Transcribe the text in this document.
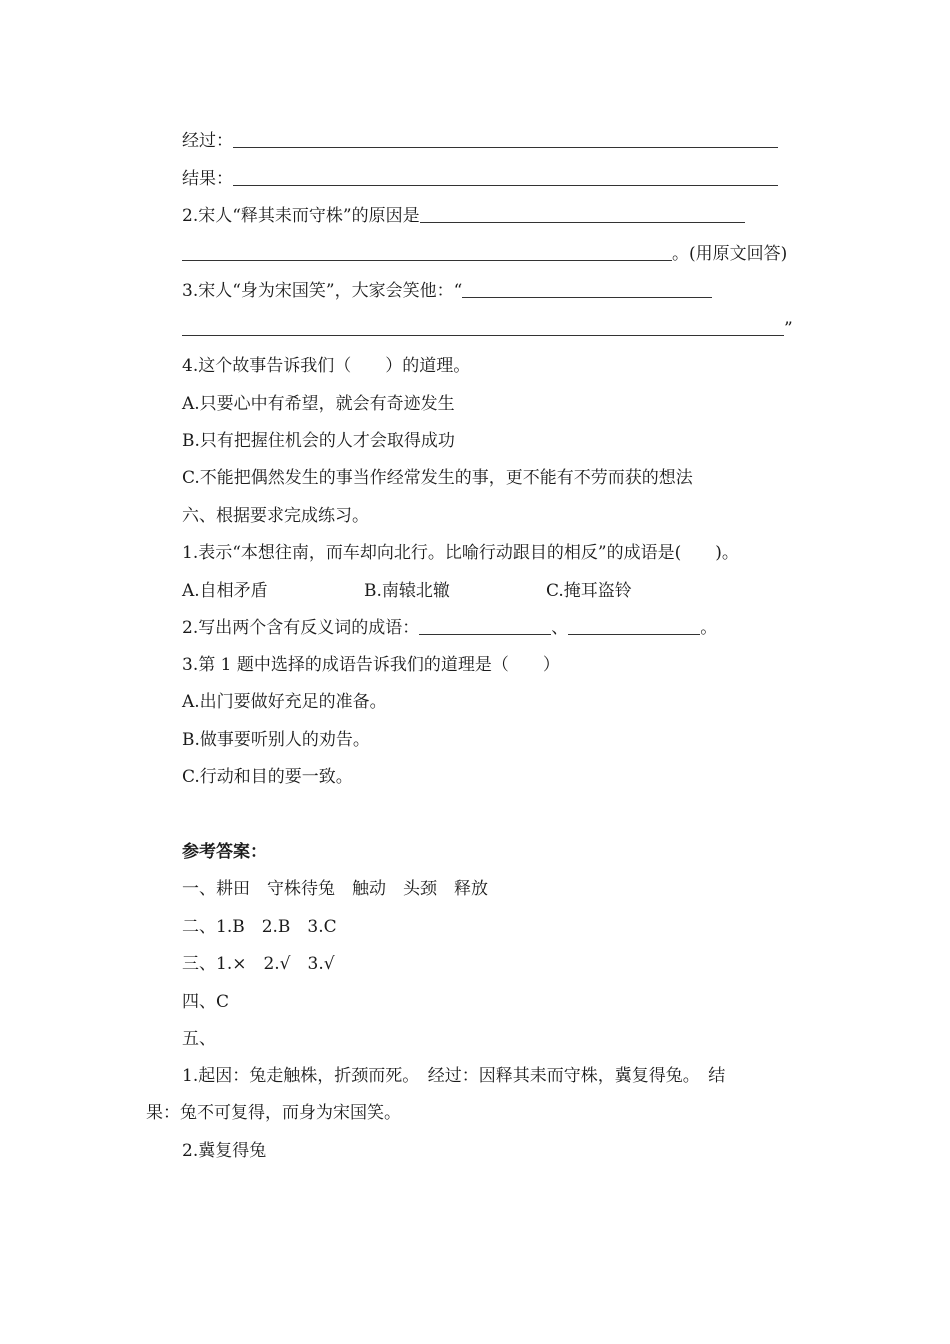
经过：
结果：
2.宋人“释其耒而守株”的原因是
。(用原文回答)
3.宋人“身为宋国笑”，大家会笑他：“
”
4.这个故事告诉我们（　　）的道理。
A.只要心中有希望，就会有奇迹发生
B.只有把握住机会的人才会取得成功
C.不能把偶然发生的事当作经常发生的事，更不能有不劳而获的想法
六、根据要求完成练习。
1.表示“本想往南，而车却向北行。比喻行动跟目的相反”的成语是(　　)。
A.自相矛盾	B.南辕北辙	C.掩耳盗铃
2.写出两个含有反义词的成语：	、	。
3.第 1 题中选择的成语告诉我们的道理是（　　）
A.出门要做好充足的准备。
B.做事要听别人的劝告。
C.行动和目的要一致。
参考答案：
一、耕田　守株待兔　触动　头颈　释放
二、1.B　2.B　3.C
三、1.×　2.√　3.√
四、C
五、
1.起因：兔走触株，折颈而死。　经过：因释其耒而守株，冀复得兔。　结
果：兔不可复得，而身为宋国笑。
2.冀复得兔
